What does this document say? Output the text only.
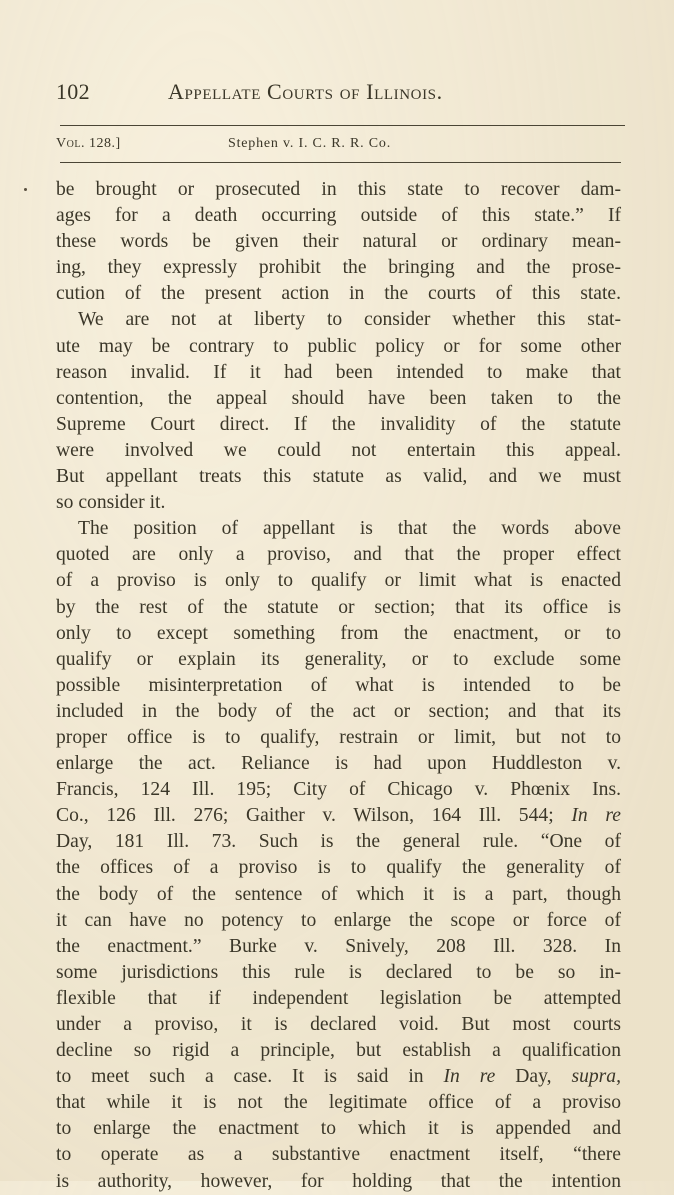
102	Appellate Courts of Illinois.
Vol. 128.]	Stephen v. I. C. R. R. Co.
be brought or prosecuted in this state to recover dam-
ages for a death occurring outside of this state.” If
these words be given their natural or ordinary mean-
ing, they expressly prohibit the bringing and the prose-
cution of the present action in the courts of this state.
We are not at liberty to consider whether this stat-
ute may be contrary to public policy or for some other
reason invalid. If it had been intended to make that
contention, the appeal should have been taken to the
Supreme Court direct. If the invalidity of the statute
were involved we could not entertain this appeal.
But appellant treats this statute as valid, and we must
so consider it.
The position of appellant is that the words above
quoted are only a proviso, and that the proper effect
of a proviso is only to qualify or limit what is enacted
by the rest of the statute or section; that its office is
only to except something from the enactment, or to
qualify or explain its generality, or to exclude some
possible misinterpretation of what is intended to be
included in the body of the act or section; and that its
proper office is to qualify, restrain or limit, but not to
enlarge the act. Reliance is had upon Huddleston v.
Francis, 124 Ill. 195; City of Chicago v. Phœnix Ins.
Co., 126 Ill. 276; Gaither v. Wilson, 164 Ill. 544; In re
Day, 181 Ill. 73. Such is the general rule. “One of
the offices of a proviso is to qualify the generality of
the body of the sentence of which it is a part, though
it can have no potency to enlarge the scope or force of
the enactment.” Burke v. Snively, 208 Ill. 328. In
some jurisdictions this rule is declared to be so in-
flexible that if independent legislation be attempted
under a proviso, it is declared void. But most courts
decline so rigid a principle, but establish a qualification
to meet such a case. It is said in In re Day, supra,
that while it is not the legitimate office of a proviso
to enlarge the enactment to which it is appended and
to operate as a substantive enactment itself, “there
is authority, however, for holding that the intention
